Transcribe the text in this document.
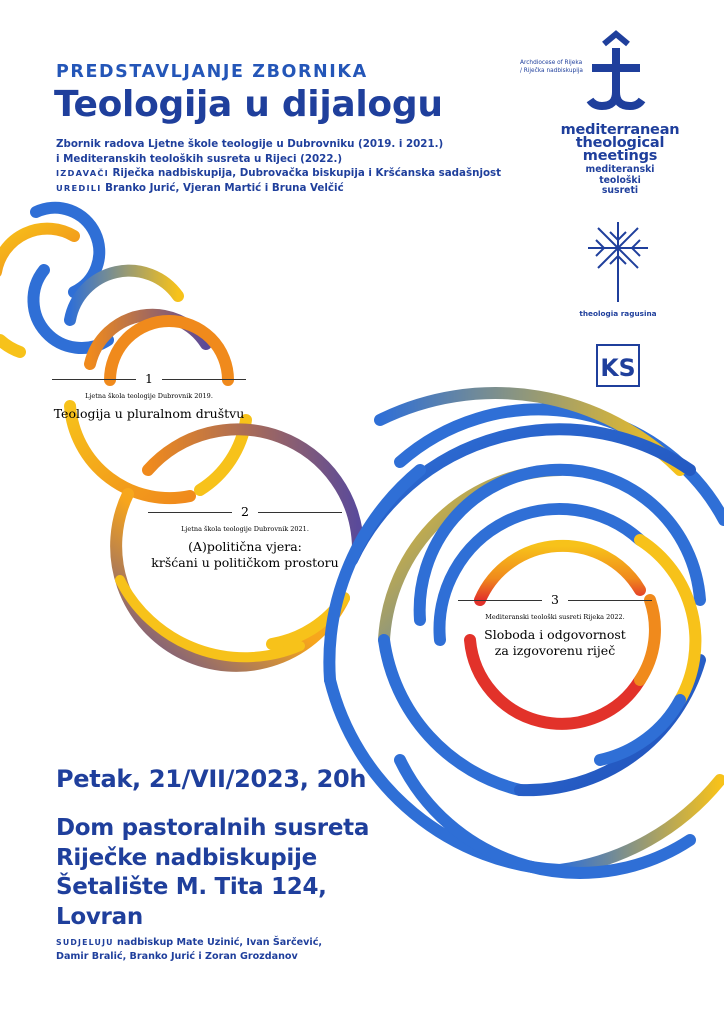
PREDSTAVLJANJE ZBORNIKA
Teologija u dijalogu
Zbornik radova Ljetne škole teologije u Dubrovniku (2019. i 2021.)
i Mediteranskih teoloških susreta u Rijeci (2022.)
IZDAVAČI Riječka nadbiskupija, Dubrovačka biskupija i Kršćanska sadašnjost
UREDILI Branko Jurić, Vjeran Martić i Bruna Velčić
Archdiocese of Rijeka
/ Riječka nadbiskupija
mediterranean
theological
meetings
mediteranski
teološki
susreti
theologia ragusina
KS
1
Ljetna škola teologije Dubrovnik 2019.
Teologija u pluralnom društvu
2
Ljetna škola teologije Dubrovnik 2021.
(A)politična vjera:
kršćani u političkom prostoru
3
Mediteranski teološki susreti Rijeka 2022.
Sloboda i odgovornost
za izgovorenu riječ
Petak, 21/VII/2023, 20h
Dom pastoralnih susreta
Riječke nadbiskupije
Šetalište M. Tita 124,
Lovran
SUDJELUJU nadbiskup Mate Uzinić, Ivan Šarčević,
Damir Bralić, Branko Jurić i Zoran Grozdanov
